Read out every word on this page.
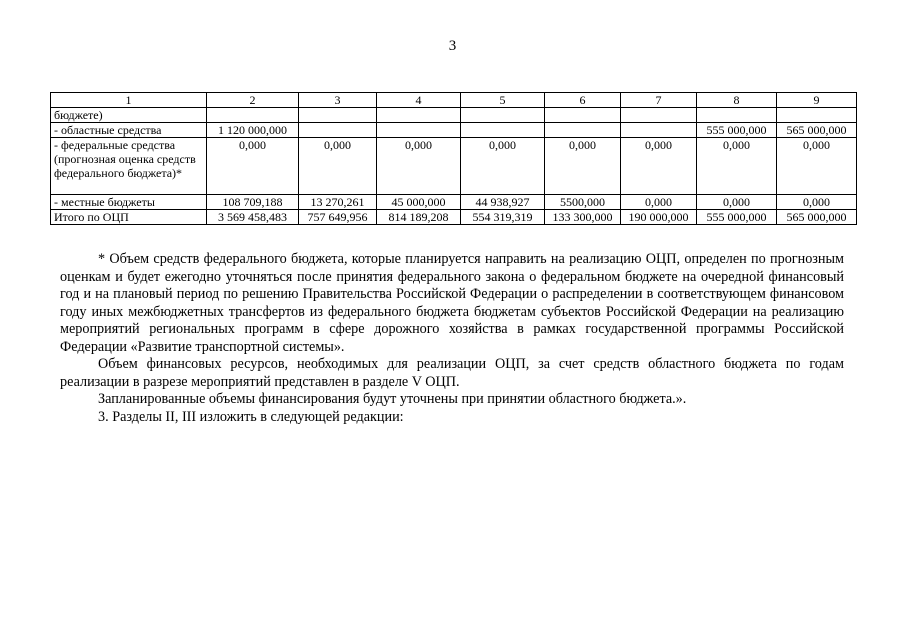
3
1	2	3	4	5	6	7	8	9
бюджете)								
- областные средства	1 120 000,000						555 000,000	565 000,000
- федеральные средства (прогнозная оценка средств федерального бюджета)*	0,000	0,000	0,000	0,000	0,000	0,000	0,000	0,000
- местные бюджеты	108 709,188	13 270,261	45 000,000	44 938,927	5500,000	0,000	0,000	0,000
Итого по ОЦП	3 569 458,483	757 649,956	814 189,208	554 319,319	133 300,000	190 000,000	555 000,000	565 000,000

* Объем средств федерального бюджета, которые планируется направить на реализацию ОЦП, определен по прогнозным оценкам и будет ежегодно уточняться после принятия федерального закона о федеральном бюджете на очередной финансовый год и на плановый период по решению Правительства Российской Федерации о распределении в соответствующем финансовом году иных межбюджетных трансфертов из федерального бюджета бюджетам субъектов Российской Федерации на реализацию мероприятий региональных программ в сфере дорожного хозяйства в рамках государственной программы Российской Федерации «Развитие транспортной системы».

Объем финансовых ресурсов, необходимых для реализации ОЦП, за счет средств областного бюджета по годам реализации в разрезе мероприятий представлен в разделе V ОЦП.

Запланированные объемы финансирования будут уточнены при принятии областного бюджета.».

3. Разделы II, III изложить в следующей редакции:
